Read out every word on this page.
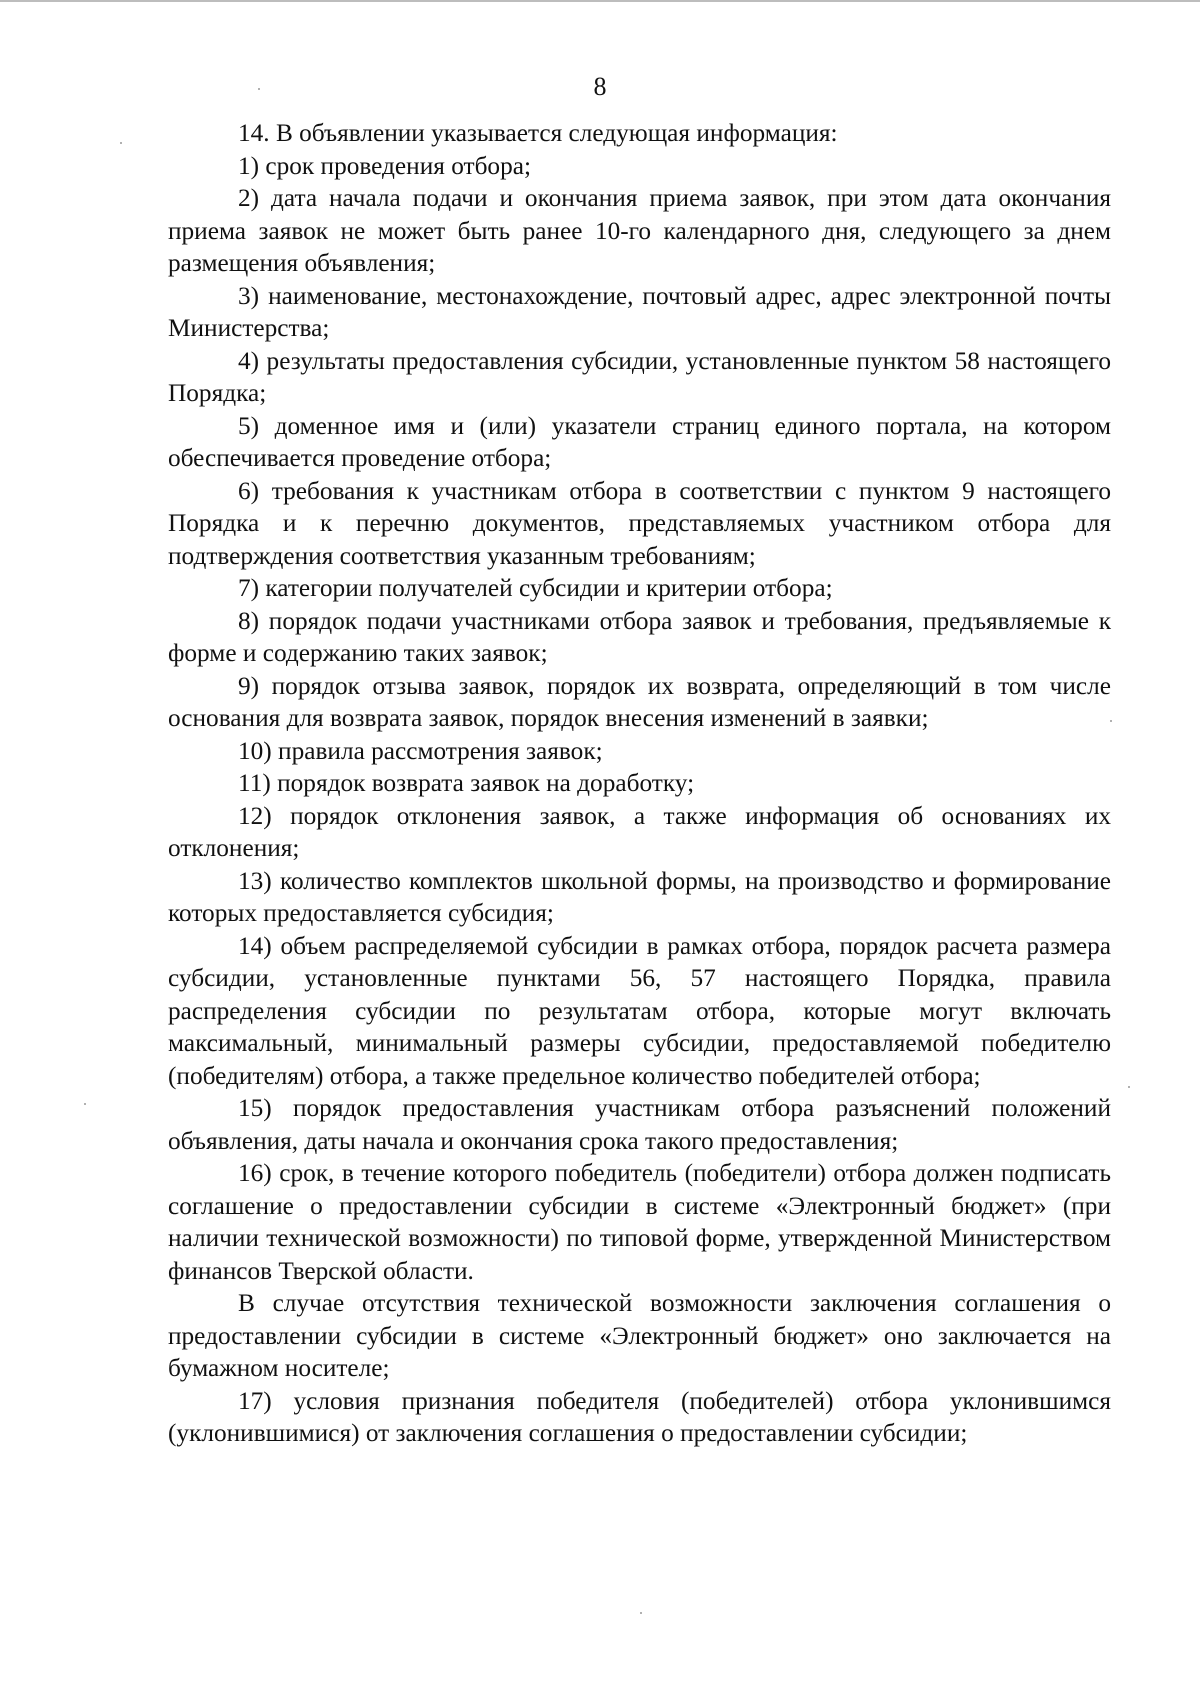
8

14. В объявлении указывается следующая информация:

1) срок проведения отбора;

2) дата начала подачи и окончания приема заявок, при этом дата окончания приема заявок не может быть ранее 10-го календарного дня, следующего за днем размещения объявления;

3) наименование, местонахождение, почтовый адрес, адрес электронной почты Министерства;

4) результаты предоставления субсидии, установленные пунктом 58 настоящего Порядка;

5) доменное имя и (или) указатели страниц единого портала, на котором обеспечивается проведение отбора;

6) требования к участникам отбора в соответствии с пунктом 9 настоящего Порядка и к перечню документов, представляемых участником отбора для подтверждения соответствия указанным требованиям;

7) категории получателей субсидии и критерии отбора;

8) порядок подачи участниками отбора заявок и требования, предъявляемые к форме и содержанию таких заявок;

9) порядок отзыва заявок, порядок их возврата, определяющий в том числе основания для возврата заявок, порядок внесения изменений в заявки;

10) правила рассмотрения заявок;

11) порядок возврата заявок на доработку;

12) порядок отклонения заявок, а также информация об основаниях их отклонения;

13) количество комплектов школьной формы, на производство и формирование которых предоставляется субсидия;

14) объем распределяемой субсидии в рамках отбора, порядок расчета размера субсидии, установленные пунктами 56, 57 настоящего Порядка, правила распределения субсидии по результатам отбора, которые могут включать максимальный, минимальный размеры субсидии, предоставляемой победителю (победителям) отбора, а также предельное количество победителей отбора;

15) порядок предоставления участникам отбора разъяснений положений объявления, даты начала и окончания срока такого предоставления;

16) срок, в течение которого победитель (победители) отбора должен подписать соглашение о предоставлении субсидии в системе «Электронный бюджет» (при наличии технической возможности) по типовой форме, утвержденной Министерством финансов Тверской области.

В случае отсутствия технической возможности заключения соглашения о предоставлении субсидии в системе «Электронный бюджет» оно заключается на бумажном носителе;

17) условия признания победителя (победителей) отбора уклонившимся (уклонившимися) от заключения соглашения о предоставлении субсидии;
